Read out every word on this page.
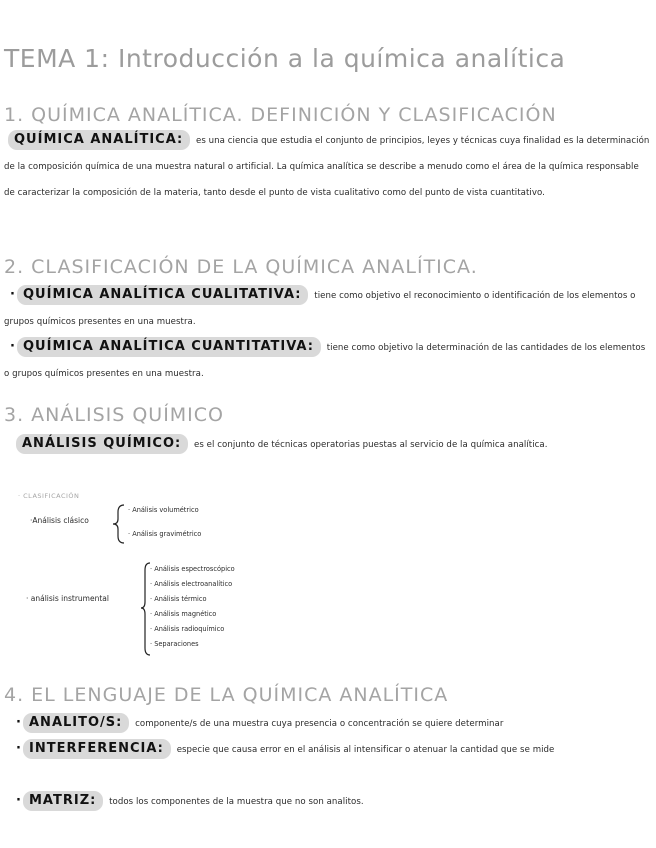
TEMA 1: Introducción a la química analítica
1. QUÍMICA ANALÍTICA. DEFINICIÓN Y CLASIFICACIÓN
QUÍMICA ANALÍTICA: es una ciencia que estudia el conjunto de principios, leyes y técnicas cuya finalidad es la determinación de la composición química de una muestra natural o artificial. La química analítica se describe a menudo como el área de la química responsable de caracterizar la composición de la materia, tanto desde el punto de vista cualitativo como del punto de vista cuantitativo.
2. CLASIFICACIÓN DE LA QUÍMICA ANALÍTICA.
· QUÍMICA ANALÍTICA CUALITATIVA: tiene como objetivo el reconocimiento o identificación de los elementos o grupos químicos presentes en una muestra.
· QUÍMICA ANALÍTICA CUANTITATIVA: tiene como objetivo la determinación de las cantidades de los elementos o grupos químicos presentes en una muestra.
3. ANÁLISIS QUÍMICO
ANÁLISIS QUÍMICO: es el conjunto de técnicas operatorias puestas al servicio de la química analítica.
· CLASIFICACIÓN
·Análisis clásico
· Análisis volumétrico
· Análisis gravimétrico
· análisis instrumental
· Análisis espectroscópico
· Análisis electroanalítico
· Análisis térmico
· Análisis magnético
· Análisis radioquímico
· Separaciones
4. EL LENGUAJE DE LA QUÍMICA ANALÍTICA
· ANALITO/S: componente/s de una muestra cuya presencia o concentración se quiere determinar
· INTERFERENCIA: especie que causa error en el análisis al intensificar o atenuar la cantidad que se mide
· MATRIZ: todos los componentes de la muestra que no son analitos.
